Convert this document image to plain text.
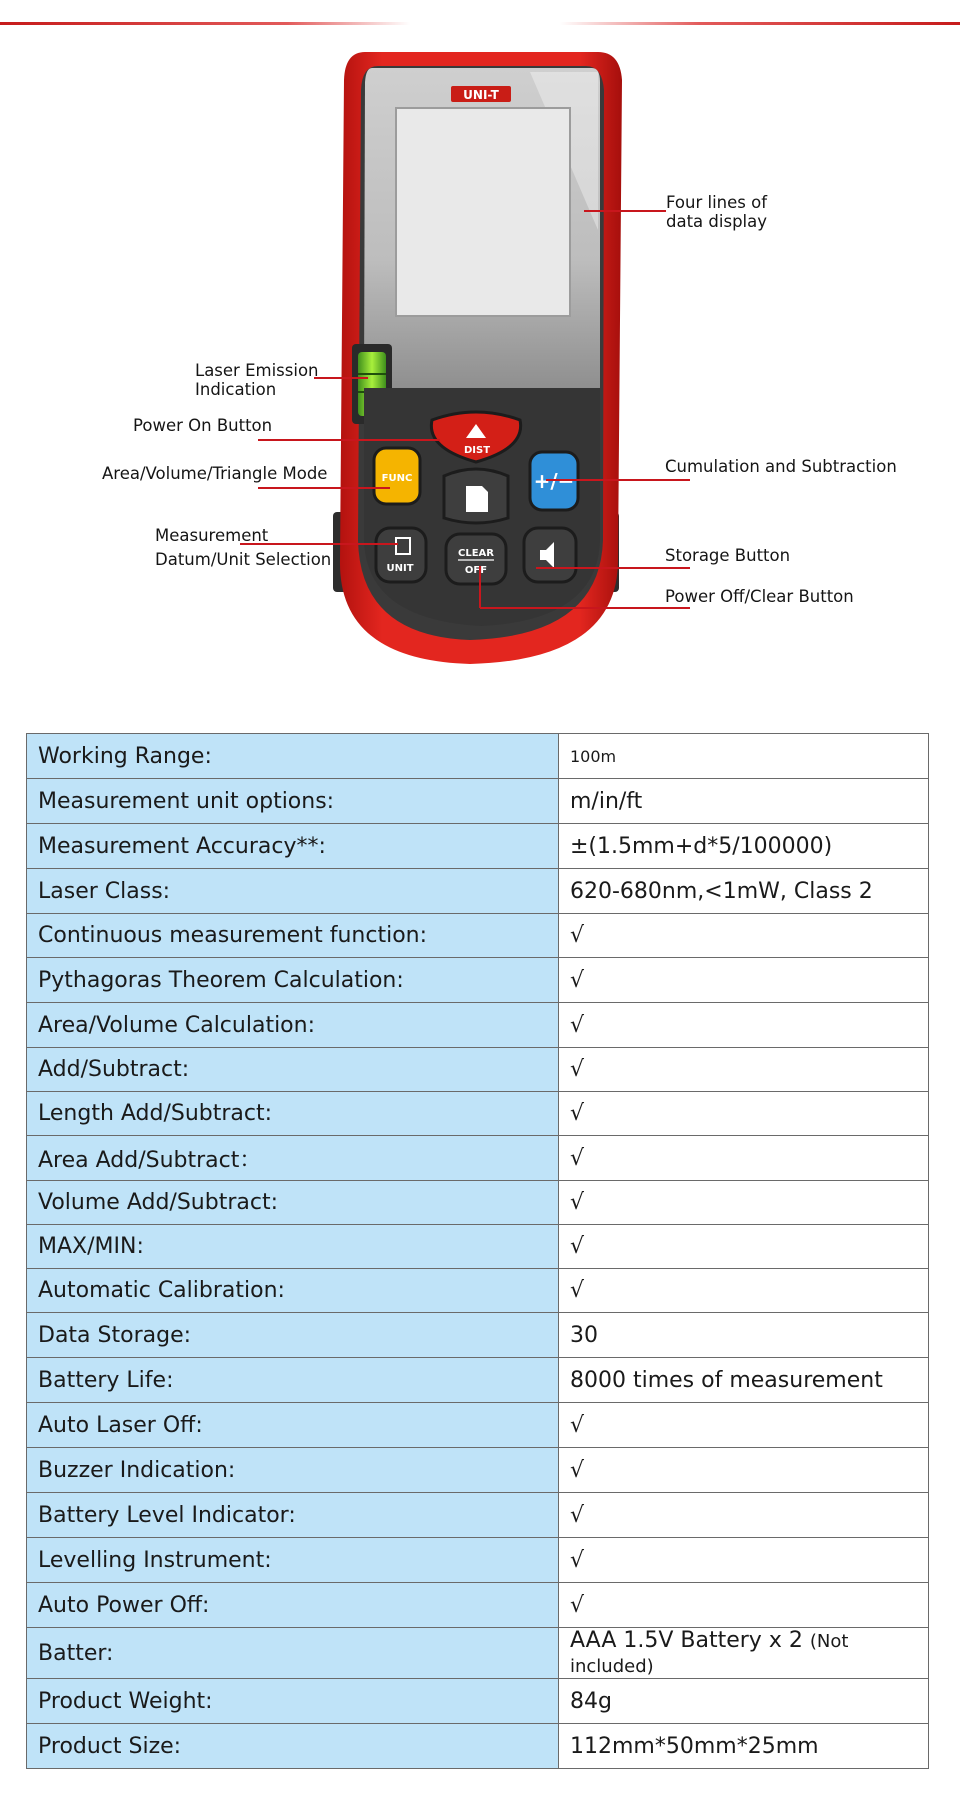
UNI-T
DIST
FUNC	+/−
UNIT
CLEAR
OFF
Four lines of
data display
Laser Emission
Indication
Power On Button
Area/Volume/Triangle Mode
Measurement
Datum/Unit Selection
Cumulation and Subtraction
Storage Button
Power Off/Clear Button
Working Range:	100m
Measurement unit options:	m/in/ft
Measurement Accuracy**:	±(1.5mm+d*5/100000)
Laser Class:	620-680nm,<1mW, Class 2
Continuous measurement function:	√
Pythagoras Theorem Calculation:	√
Area/Volume Calculation:	√
Add/Subtract:	√
Length Add/Subtract:	√
Area Add/Subtract：	√
Volume Add/Subtract:	√
MAX/MIN:	√
Automatic Calibration:	√
Data Storage:	30
Battery Life:	8000 times of measurement
Auto Laser Off:	√
Buzzer Indication:	√
Battery Level Indicator:	√
Levelling Instrument:	√
Auto Power Off:	√
Batter:	AAA 1.5V Battery x 2 (Not included)
Product Weight:	84g
Product Size:	112mm*50mm*25mm
